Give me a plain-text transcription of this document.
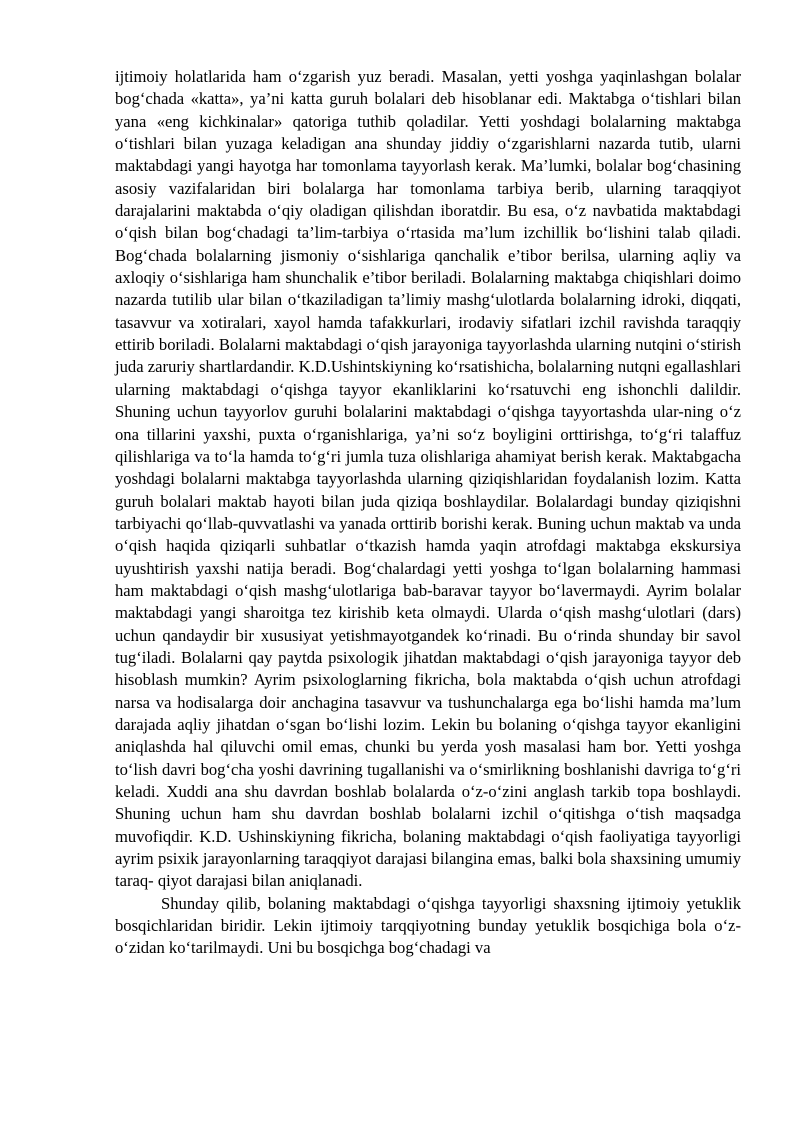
ijtimoiy holatlarida ham o‘zgarish yuz beradi. Masalan, yetti yoshga yaqinlashgan bolalar bog‘chada «katta», ya’ni katta guruh bolalari deb hisoblanar edi. Maktabga o‘tishlari bilan yana «eng kichkinalar» qatoriga tuthib qoladilar. Yetti yoshdagi bolalarning maktabga o‘tishlari bilan yuzaga keladigan ana shunday jiddiy o‘zgarishlarni nazarda tutib, ularni maktabdagi yangi hayotga har tomonlama tayyorlash kerak. Ma’lumki, bolalar bog‘chasining asosiy vazifalaridan biri bolalarga har tomonlama tarbiya berib, ularning taraqqiyot darajalarini maktabda o‘qiy oladigan qilishdan iboratdir. Bu esa, o‘z navbatida maktabdagi o‘qish bilan bog‘chadagi ta’lim-tarbiya o‘rtasida ma’lum izchillik bo‘lishini talab qiladi. Bog‘chada bolalarning jismoniy o‘sishlariga qanchalik e’tibor berilsa, ularning aqliy va axloqiy o‘sishlariga ham shunchalik e’tibor beriladi. Bolalarning maktabga chiqishlari doimo nazarda tutilib ular bilan o‘tkaziladigan ta’limiy mashg‘ulotlarda bolalarning idroki, diqqati, tasavvur va xotiralari, xayol hamda tafakkurlari, irodaviy sifatlari izchil ravishda taraqqiy ettirib boriladi. Bolalarni maktabdagi o‘qish jarayoniga tayyorlashda ularning nutqini o‘stirish juda zaruriy shartlardandir. K.D.Ushintskiyning ko‘rsatishicha, bolalarning nutqni egallashlari ularning maktabdagi o‘qishga tayyor ekanliklarini ko‘rsatuvchi eng ishonchli dalildir. Shuning uchun tayyorlov guruhi bolalarini maktabdagi o‘qishga tayyortashda ular-ning o‘z ona tillarini yaxshi, puxta o‘rganishlariga, ya’ni so‘z boyligini orttirishga, to‘g‘ri talaffuz qilishlariga va to‘la hamda to‘g‘ri jumla tuza olishlariga ahamiyat berish kerak. Maktabgacha yoshdagi bolalarni maktabga tayyorlashda ularning qiziqishlaridan foydalanish lozim. Katta guruh bolalari maktab hayoti bilan juda qiziqa boshlaydilar. Bolalardagi bunday qiziqishni tarbiyachi qo‘llab-quvvatlashi va yanada orttirib borishi kerak. Buning uchun maktab va unda o‘qish haqida qiziqarli suhbatlar o‘tkazish hamda yaqin atrofdagi maktabga ekskursiya uyushtirish yaxshi natija beradi. Bog‘chalardagi yetti yoshga to‘lgan bolalarning hammasi ham maktabdagi o‘qish mashg‘ulotlariga bab-baravar tayyor bo‘lavermaydi. Ayrim bolalar maktabdagi yangi sharoitga tez kirishib keta olmaydi. Ularda o‘qish mashg‘ulotlari (dars) uchun qandaydir bir xususiyat yetishmayotgandek ko‘rinadi. Bu o‘rinda shunday bir savol tug‘iladi. Bolalarni qay paytda psixologik jihatdan maktabdagi o‘qish jarayoniga tayyor deb hisoblash mumkin? Ayrim psixologlarning fikricha, bola maktabda o‘qish uchun atrofdagi narsa va hodisalarga doir anchagina tasavvur va tushunchalarga ega bo‘lishi hamda ma’lum darajada aqliy jihatdan o‘sgan bo‘lishi lozim. Lekin bu bolaning o‘qishga tayyor ekanligini aniqlashda hal qiluvchi omil emas, chunki bu yerda yosh masalasi ham bor. Yetti yoshga to‘lish davri bog‘cha yoshi davrining tugallanishi va o‘smirlikning boshlanishi davriga to‘g‘ri keladi. Xuddi ana shu davrdan boshlab bolalarda o‘z-o‘zini anglash tarkib topa boshlaydi. Shuning uchun ham shu davrdan boshlab bolalarni izchil o‘qitishga o‘tish maqsadga muvofiqdir. K.D. Ushinskiyning fikricha, bolaning maktabdagi o‘qish faoliyatiga tayyorligi ayrim psixik jarayonlarning taraqqiyot darajasi bilangina emas, balki bola shaxsining umumiy taraq- qiyot darajasi bilan aniqlanadi.

Shunday qilib, bolaning maktabdagi o‘qishga tayyorligi shaxsning ijtimoiy yetuklik bosqichlaridan biridir. Lekin ijtimoiy tarqqiyotning bunday yetuklik bosqichiga bola o‘z-o‘zidan ko‘tarilmaydi. Uni bu bosqichga bog‘chadagi va
